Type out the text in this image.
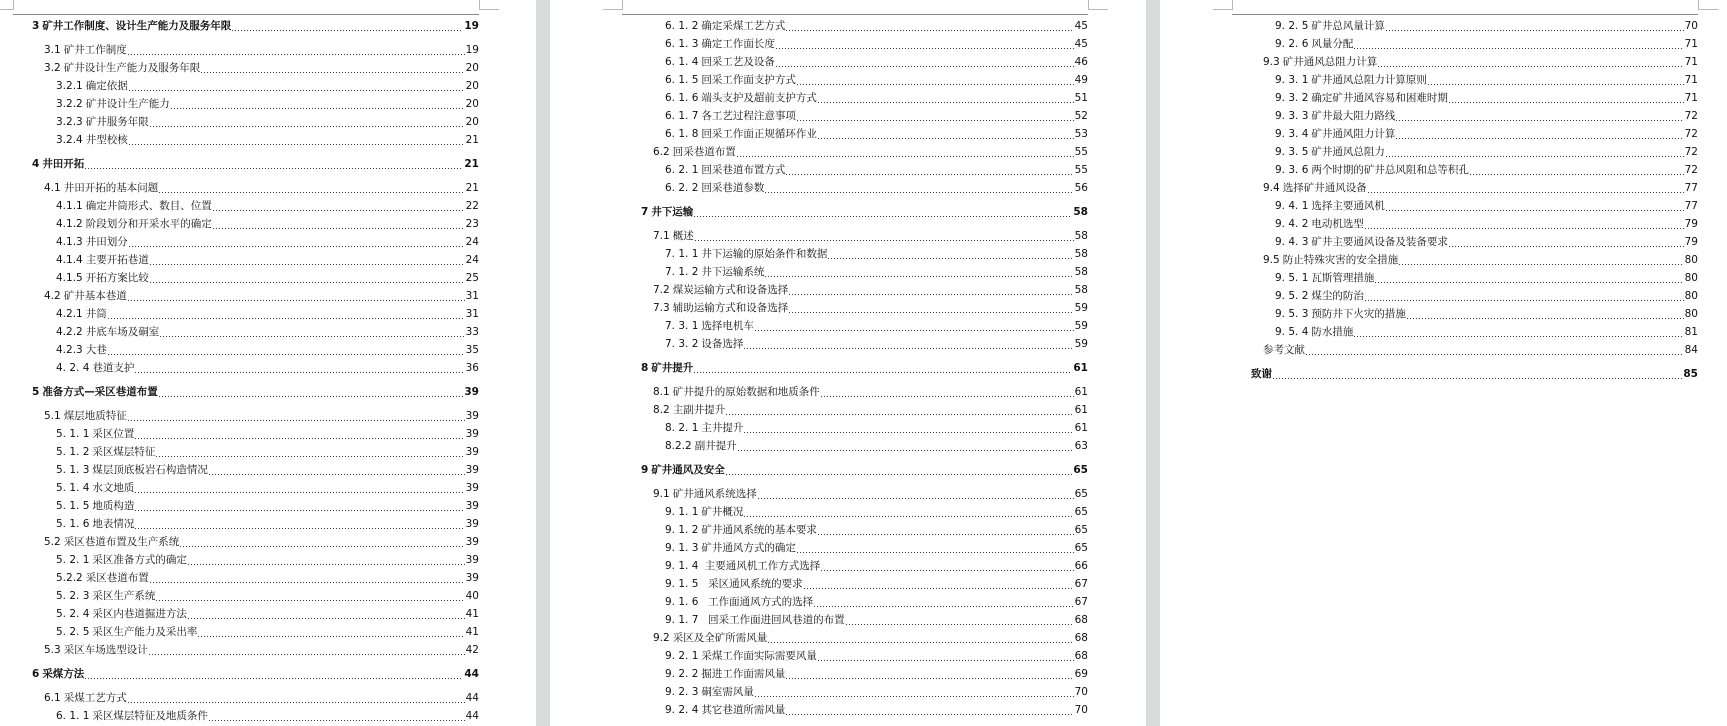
3 矿井工作制度、设计生产能力及服务年限	19
3.1 矿井工作制度	19
3.2 矿井设计生产能力及服务年限	20
3.2.1 确定依据	20
3.2.2 矿井设计生产能力	20
3.2.3 矿井服务年限	20
3.2.4 井型校核	21
4 井田开拓	21
4.1 井田开拓的基本问题	21
4.1.1 确定井筒形式、数目、位置	22
4.1.2 阶段划分和开采水平的确定	23
4.1.3 井田划分	24
4.1.4 主要开拓巷道	24
4.1.5 开拓方案比较	25
4.2 矿井基本巷道	31
4.2.1 井筒	31
4.2.2 井底车场及硐室	33
4.2.3 大巷	35
4. 2. 4 巷道支护	36
5 准备方式—采区巷道布置	39
5.1 煤层地质特征	39
5. 1. 1 采区位置	39
5. 1. 2 采区煤层特征	39
5. 1. 3 煤层顶底板岩石构造情况	39
5. 1. 4 水文地质	39
5. 1. 5 地质构造	39
5. 1. 6 地表情况	39
5.2 采区巷道布置及生产系统	39
5. 2. 1 采区准备方式的确定	39
5.2.2 采区巷道布置	39
5. 2. 3 采区生产系统	40
5. 2. 4 采区内巷道掘进方法	41
5. 2. 5 采区生产能力及采出率	41
5.3 采区车场选型设计	42
6 采煤方法	44
6.1 采煤工艺方式	44
6. 1. 1 采区煤层特征及地质条件	44
6. 1. 2 确定采煤工艺方式	45
6. 1. 3 确定工作面长度	45
6. 1. 4 回采工艺及设备	46
6. 1. 5 回采工作面支护方式	49
6. 1. 6 端头支护及超前支护方式	51
6. 1. 7 各工艺过程注意事项	52
6. 1. 8 回采工作面正规循环作业	53
6.2 回采巷道布置	55
6. 2. 1 回采巷道布置方式	55
6. 2. 2 回采巷道参数	56
7 井下运输	58
7.1 概述	58
7. 1. 1 井下运输的原始条件和数据	58
7. 1. 2 井下运输系统	58
7.2 煤炭运输方式和设备选择	58
7.3 辅助运输方式和设备选择	59
7. 3. 1 选择电机车	59
7. 3. 2 设备选择	59
8 矿井提升	61
8.1 矿井提升的原始数据和地质条件	61
8.2 主副井提升	61
8. 2. 1 主井提升	61
8.2.2 副井提升	63
9 矿井通风及安全	65
9.1 矿井通风系统选择	65
9. 1. 1 矿井概况	65
9. 1. 2 矿井通风系统的基本要求	65
9. 1. 3 矿井通风方式的确定	65
9. 1. 4 主要通风机工作方式选择	66
9. 1. 5  采区通风系统的要求	67
9. 1. 6  工作面通风方式的选择	67
9. 1. 7  回采工作面进回风巷道的布置	68
9.2 采区及全矿所需风量	68
9. 2. 1 采煤工作面实际需要风量	68
9. 2. 2 掘进工作面需风量	69
9. 2. 3 硐室需风量	70
9. 2. 4 其它巷道所需风量	70
9. 2. 5 矿井总风量计算	70
9. 2. 6 风量分配	71
9.3 矿井通风总阻力计算	71
9. 3. 1 矿井通风总阻力计算原则	71
9. 3. 2 确定矿井通风容易和困难时期	71
9. 3. 3 矿井最大阻力路线	72
9. 3. 4 矿井通风阻力计算	72
9. 3. 5 矿井通风总阻力	72
9. 3. 6 两个时期的矿井总风阻和总等积孔	72
9.4 选择矿井通风设备	77
9. 4. 1 选择主要通风机	77
9. 4. 2 电动机选型	79
9. 4. 3 矿井主要通风设备及装备要求	79
9.5 防止特殊灾害的安全措施	80
9. 5. 1 瓦斯管理措施	80
9. 5. 2 煤尘的防治	80
9. 5. 3 预防井下火灾的措施	80
9. 5. 4 防水措施	81
参考文献	84
致谢	85
